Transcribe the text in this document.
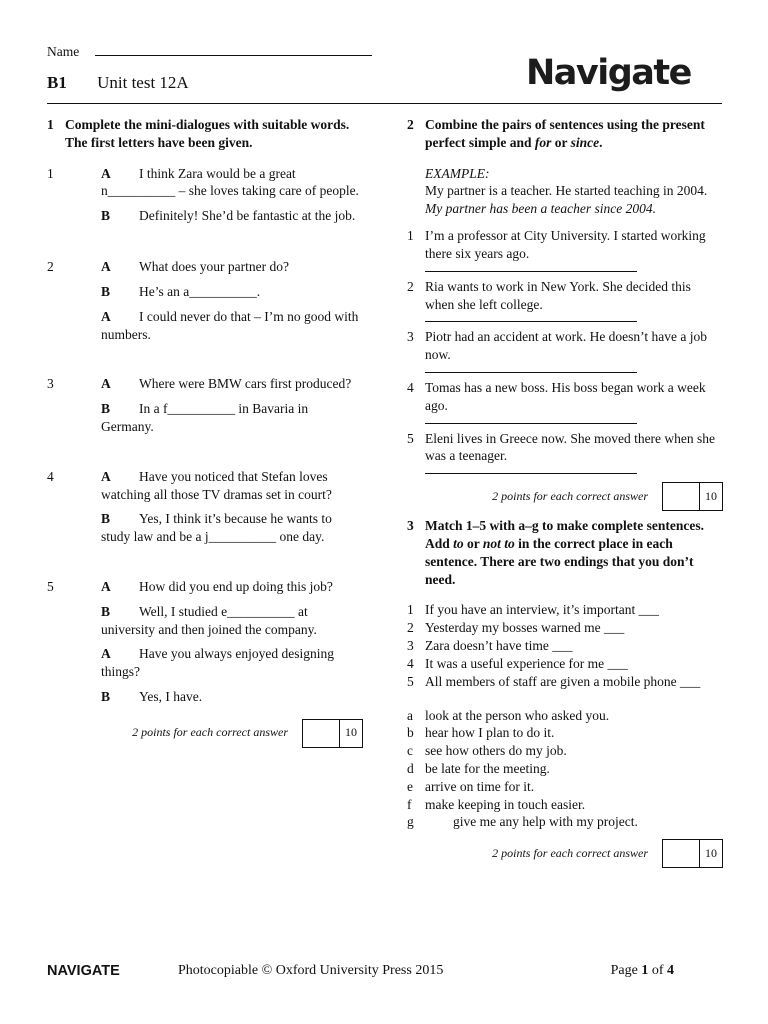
Name
B1 Unit test 12A	Navigate
1 Complete the mini-dialogues with suitable words. The first letters have been given.
1	A I think Zara would be a great n__________ – she loves taking care of people.
B Definitely! She’d be fantastic at the job.
2	A What does your partner do?
B He’s an a__________.
A I could never do that – I’m no good with numbers.
3	A Where were BMW cars first produced?
B In a f__________ in Bavaria in Germany.
4	A Have you noticed that Stefan loves watching all those TV dramas set in court?
B Yes, I think it’s because he wants to study law and be a j__________ one day.
5	A How did you end up doing this job?
B Well, I studied e__________ at university and then joined the company.
A Have you always enjoyed designing things?
B Yes, I have.
2 points for each correct answer	10
2 Combine the pairs of sentences using the present perfect simple and for or since.
EXAMPLE:
My partner is a teacher. He started teaching in 2004.
My partner has been a teacher since 2004.
1 I’m a professor at City University. I started working there six years ago.
2 Ria wants to work in New York. She decided this when she left college.
3 Piotr had an accident at work. He doesn’t have a job now.
4 Tomas has a new boss. His boss began work a week ago.
5 Eleni lives in Greece now. She moved there when she was a teenager.
2 points for each correct answer	10
3 Match 1–5 with a–g to make complete sentences. Add to or not to in the correct place in each sentence. There are two endings that you don’t need.
1 If you have an interview, it’s important ___
2 Yesterday my bosses warned me ___
3 Zara doesn’t have time ___
4 It was a useful experience for me ___
5 All members of staff are given a mobile phone ___
a look at the person who asked you.
b hear how I plan to do it.
c see how others do my job.
d be late for the meeting.
e arrive on time for it.
f	make keeping in touch easier.
g	give me any help with my project.
2 points for each correct answer	10
NAVIGATE	Photocopiable © Oxford University Press 2015	Page 1 of 4
